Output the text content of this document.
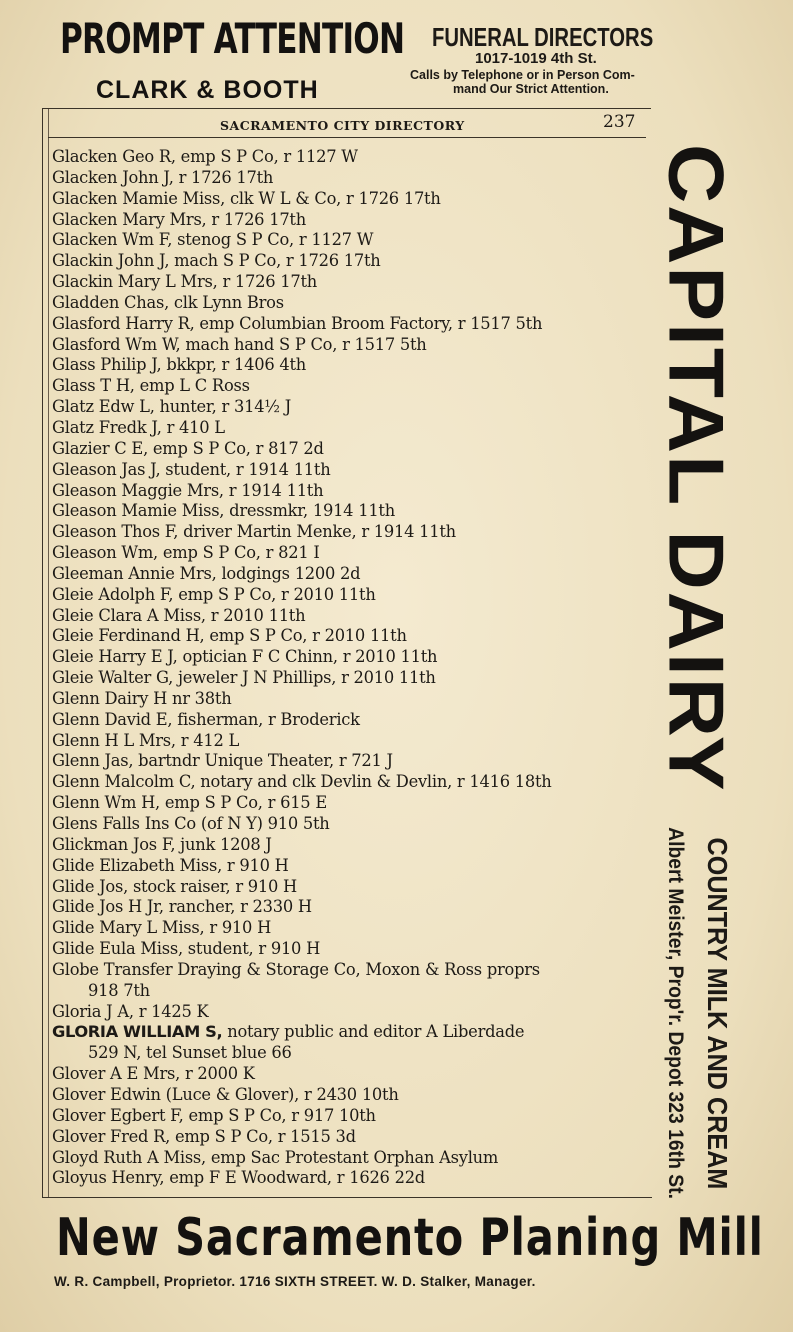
PROMPT ATTENTION
CLARK & BOOTH
FUNERAL DIRECTORS
1017-1019 4th St.
Calls by Telephone or in Person Com-
mand Our Strict Attention.
SACRAMENTO CITY DIRECTORY	237
Glacken Geo R, emp S P Co, r 1127 W
Glacken John J, r 1726 17th
Glacken Mamie Miss, clk W L & Co, r 1726 17th
Glacken Mary Mrs, r 1726 17th
Glacken Wm F, stenog S P Co, r 1127 W
Glackin John J, mach S P Co, r 1726 17th
Glackin Mary L Mrs, r 1726 17th
Gladden Chas, clk Lynn Bros
Glasford Harry R, emp Columbian Broom Factory, r 1517 5th
Glasford Wm W, mach hand S P Co, r 1517 5th
Glass Philip J, bkkpr, r 1406 4th
Glass T H, emp L C Ross
Glatz Edw L, hunter, r 314½ J
Glatz Fredk J, r 410 L
Glazier C E, emp S P Co, r 817 2d
Gleason Jas J, student, r 1914 11th
Gleason Maggie Mrs, r 1914 11th
Gleason Mamie Miss, dressmkr, 1914 11th
Gleason Thos F, driver Martin Menke, r 1914 11th
Gleason Wm, emp S P Co, r 821 I
Gleeman Annie Mrs, lodgings 1200 2d
Gleie Adolph F, emp S P Co, r 2010 11th
Gleie Clara A Miss, r 2010 11th
Gleie Ferdinand H, emp S P Co, r 2010 11th
Gleie Harry E J, optician F C Chinn, r 2010 11th
Gleie Walter G, jeweler J N Phillips, r 2010 11th
Glenn Dairy H nr 38th
Glenn David E, fisherman, r Broderick
Glenn H L Mrs, r 412 L
Glenn Jas, bartndr Unique Theater, r 721 J
Glenn Malcolm C, notary and clk Devlin & Devlin, r 1416 18th
Glenn Wm H, emp S P Co, r 615 E
Glens Falls Ins Co (of N Y) 910 5th
Glickman Jos F, junk 1208 J
Glide Elizabeth Miss, r 910 H
Glide Jos, stock raiser, r 910 H
Glide Jos H Jr, rancher, r 2330 H
Glide Mary L Miss, r 910 H
Glide Eula Miss, student, r 910 H
Globe Transfer Draying & Storage Co, Moxon & Ross proprs
918 7th
Gloria J A, r 1425 K
GLORIA WILLIAM S, notary public and editor A Liberdade
529 N, tel Sunset blue 66
Glover A E Mrs, r 2000 K
Glover Edwin (Luce & Glover), r 2430 10th
Glover Egbert F, emp S P Co, r 917 10th
Glover Fred R, emp S P Co, r 1515 3d
Gloyd Ruth A Miss, emp Sac Protestant Orphan Asylum
Gloyus Henry, emp F E Woodward, r 1626 22d
CAPITAL DAIRY
Albert Meister, Prop'r. Depot 323 16th St. COUNTRY MILK AND CREAM
New Sacramento Planing Mill
W. R. Campbell, Proprietor. 1716 SIXTH STREET. W. D. Stalker, Manager.
